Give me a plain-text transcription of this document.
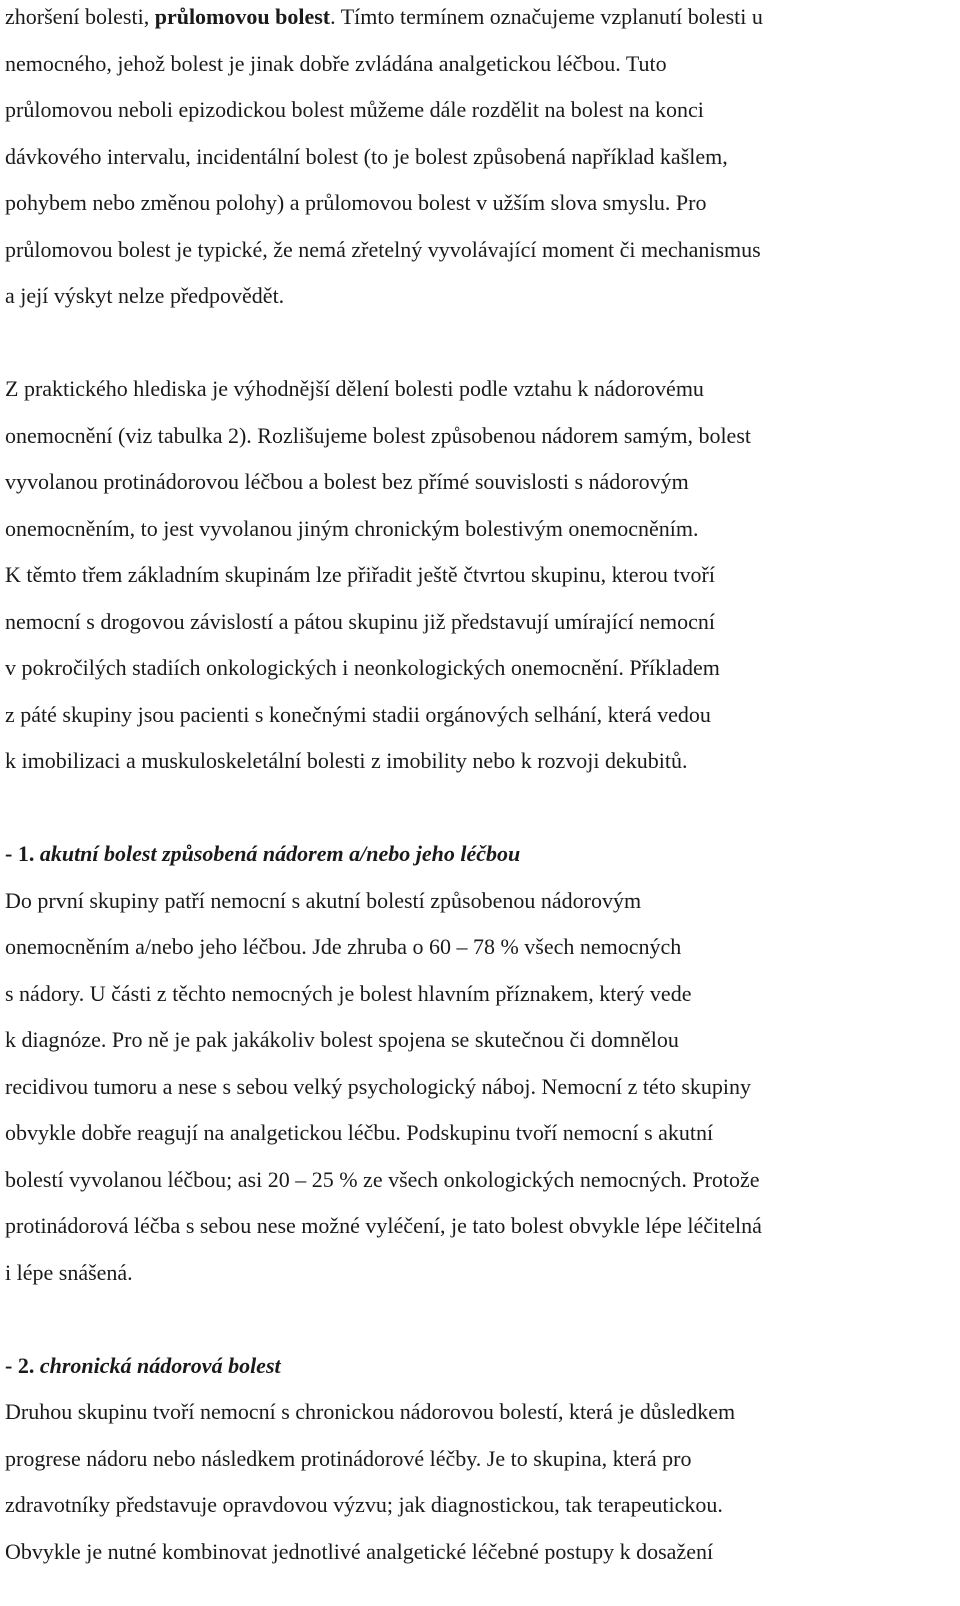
zhoršení bolesti, průlomovou bolest. Tímto termínem označujeme vzplanutí bolesti u
nemocného, jehož bolest je jinak dobře zvládána analgetickou léčbou. Tuto
průlomovou neboli epizodickou bolest můžeme dále rozdělit na bolest na konci
dávkového intervalu, incidentální bolest (to je bolest způsobená například kašlem,
pohybem nebo změnou polohy) a průlomovou bolest v užším slova smyslu. Pro
průlomovou bolest je typické, že nemá zřetelný vyvolávající moment či mechanismus
a její výskyt nelze předpovědět.
Z praktického hlediska je výhodnější dělení bolesti podle vztahu k nádorovému
onemocnění (viz tabulka 2). Rozlišujeme bolest způsobenou nádorem samým, bolest
vyvolanou protinádorovou léčbou a bolest bez přímé souvislosti s nádorovým
onemocněním, to jest vyvolanou jiným chronickým bolestivým onemocněním.
K těmto třem základním skupinám lze přiřadit ještě čtvrtou skupinu, kterou tvoří
nemocní s drogovou závislostí a pátou skupinu již představují umírající nemocní
v pokročilých stadiích onkologických i neonkologických onemocnění. Příkladem
z páté skupiny jsou pacienti s konečnými stadii orgánových selhání, která vedou
k imobilizaci a muskuloskeletální bolesti z imobility nebo k rozvoji dekubitů.
- 1. akutní bolest způsobená nádorem a/nebo jeho léčbou
Do první skupiny patří nemocní s akutní bolestí způsobenou nádorovým
onemocněním a/nebo jeho léčbou. Jde zhruba o 60 – 78 % všech nemocných
s nádory. U části z těchto nemocných je bolest hlavním příznakem, který vede
k diagnóze. Pro ně je pak jakákoliv bolest spojena se skutečnou či domnělou
recidivou tumoru a nese s sebou velký psychologický náboj. Nemocní z této skupiny
obvykle dobře reagují na analgetickou léčbu. Podskupinu tvoří nemocní s akutní
bolestí vyvolanou léčbou; asi 20 – 25 % ze všech onkologických nemocných. Protože
protinádorová léčba s sebou nese možné vyléčení, je tato bolest obvykle lépe léčitelná
i lépe snášená.
- 2. chronická nádorová bolest
Druhou skupinu tvoří nemocní s chronickou nádorovou bolestí, která je důsledkem
progrese nádoru nebo následkem protinádorové léčby. Je to skupina, která pro
zdravotníky představuje opravdovou výzvu; jak diagnostickou, tak terapeutickou.
Obvykle je nutné kombinovat jednotlivé analgetické léčebné postupy k dosažení
